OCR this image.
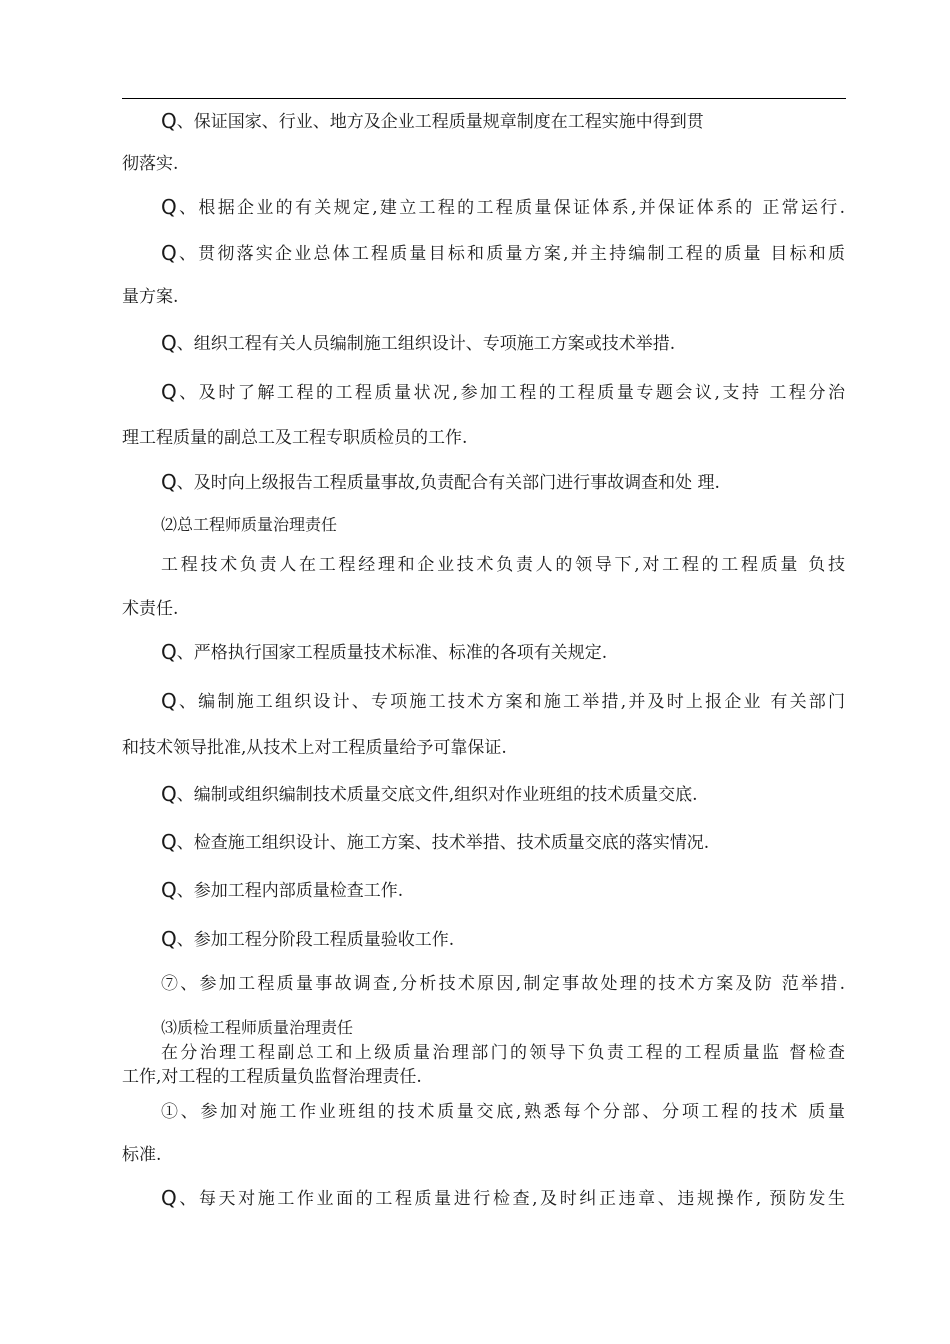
Q、保证国家、行业、地方及企业工程质量规章制度在工程实施中得到贯
彻落实.
Q、根据企业的有关规定,建立工程的工程质量保证体系,并保证体系的 正常运行.
Q、贯彻落实企业总体工程质量目标和质量方案,并主持编制工程的质量 目标和质
量方案.
Q、组织工程有关人员编制施工组织设计、专项施工方案或技术举措.
Q、及时了解工程的工程质量状况,参加工程的工程质量专题会议,支持 工程分治
理工程质量的副总工及工程专职质检员的工作.
Q、及时向上级报告工程质量事故,负责配合有关部门进行事故调查和处 理.
⑵总工程师质量治理责任
工程技术负责人在工程经理和企业技术负责人的领导下,对工程的工程质量 负技
术责任.
Q、严格执行国家工程质量技术标准、标准的各项有关规定.
Q、编制施工组织设计、专项施工技术方案和施工举措,并及时上报企业 有关部门
和技术领导批准,从技术上对工程质量给予可靠保证.
Q、编制或组织编制技术质量交底文件,组织对作业班组的技术质量交底.
Q、检查施工组织设计、施工方案、技术举措、技术质量交底的落实情况.
Q、参加工程内部质量检查工作.
Q、参加工程分阶段工程质量验收工作.
⑦、参加工程质量事故调查,分析技术原因,制定事故处理的技术方案及防 范举措.
⑶质检工程师质量治理责任
在分治理工程副总工和上级质量治理部门的领导下负责工程的工程质量监 督检查
工作,对工程的工程质量负监督治理责任.
①、参加对施工作业班组的技术质量交底,熟悉每个分部、分项工程的技术 质量
标准.
Q、每天对施工作业面的工程质量进行检查,及时纠正违章、违规操作, 预防发生
